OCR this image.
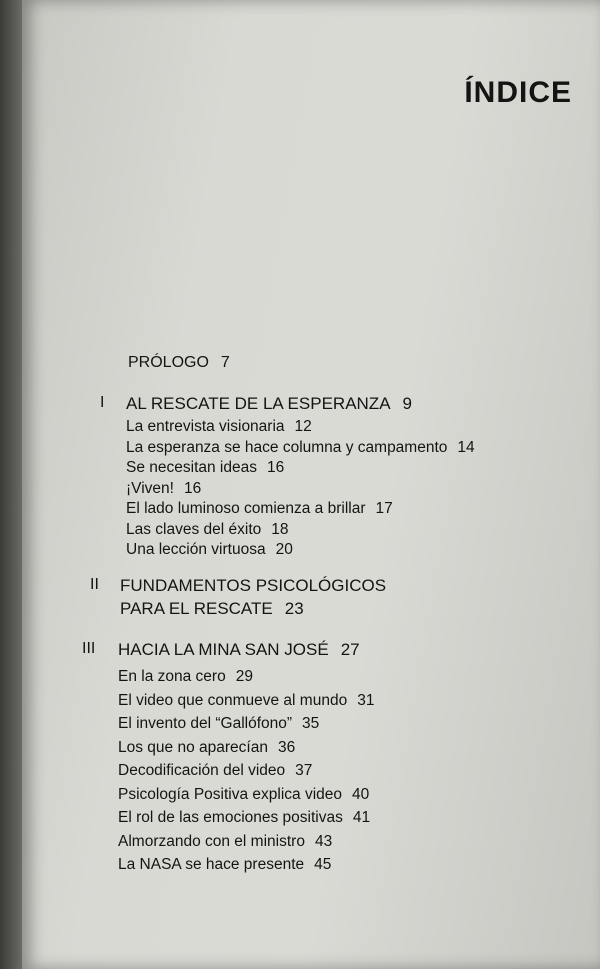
ÍNDICE
PRÓLOGO 7
I	AL RESCATE DE LA ESPERANZA 9
La entrevista visionaria 12
La esperanza se hace columna y campamento 14
Se necesitan ideas 16
¡Viven! 16
El lado luminoso comienza a brillar 17
Las claves del éxito 18
Una lección virtuosa 20
II	FUNDAMENTOS PSICOLÓGICOS
PARA EL RESCATE 23
III	HACIA LA MINA SAN JOSÉ 27
En la zona cero 29
El video que conmueve al mundo 31
El invento del “Gallófono” 35
Los que no aparecían 36
Decodificación del video 37
Psicología Positiva explica video 40
El rol de las emociones positivas 41
Almorzando con el ministro 43
La NASA se hace presente 45
